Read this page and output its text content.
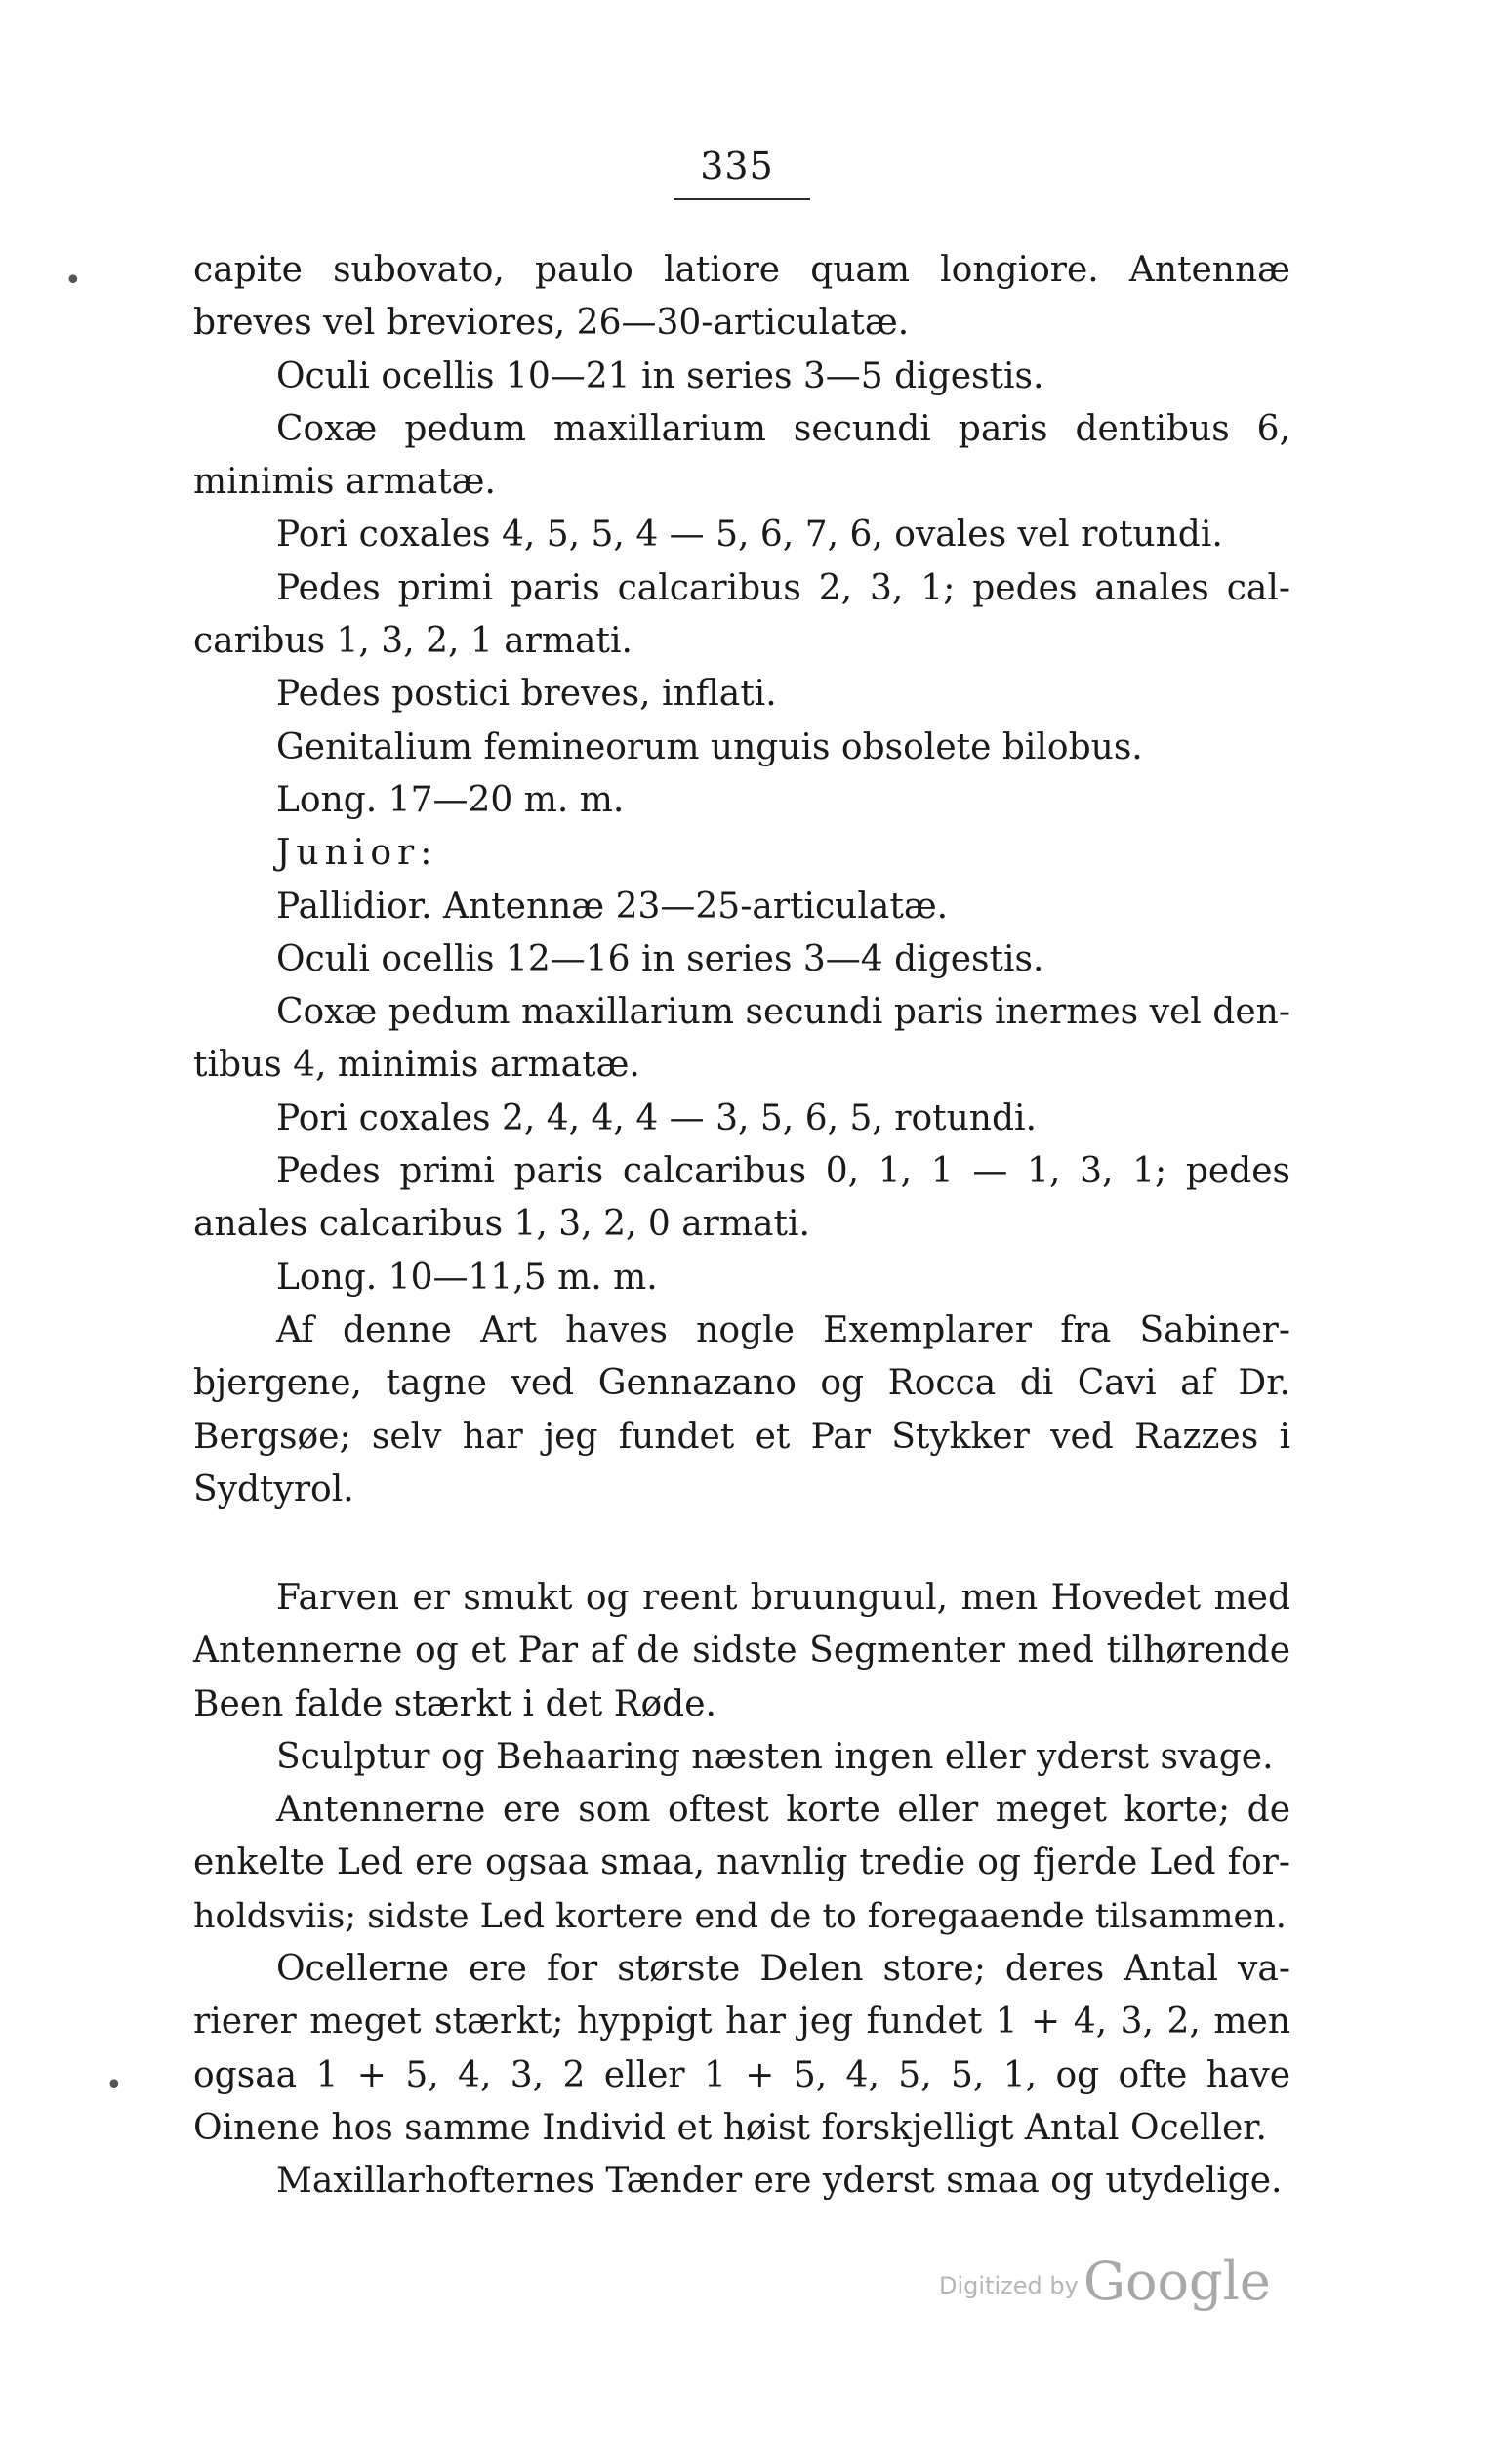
335
•
•
capite subovato, paulo latiore quam longiore. Antennæ
breves vel breviores, 26—30-articulatæ.
Oculi ocellis 10—21 in series 3—5 digestis.
Coxæ pedum maxillarium secundi paris dentibus 6,
minimis armatæ.
Pori coxales 4, 5, 5, 4 — 5, 6, 7, 6, ovales vel rotundi.
Pedes primi paris calcaribus 2, 3, 1; pedes anales cal-
caribus 1, 3, 2, 1 armati.
Pedes postici breves, inflati.
Genitalium femineorum unguis obsolete bilobus.
Long. 17—20 m. m.
Junior:
Pallidior. Antennæ 23—25-articulatæ.
Oculi ocellis 12—16 in series 3—4 digestis.
Coxæ pedum maxillarium secundi paris inermes vel den-
tibus 4, minimis armatæ.
Pori coxales 2, 4, 4, 4 — 3, 5, 6, 5, rotundi.
Pedes primi paris calcaribus 0, 1, 1 — 1, 3, 1; pedes
anales calcaribus 1, 3, 2, 0 armati.
Long. 10—11,5 m. m.
Af denne Art haves nogle Exemplarer fra Sabiner-
bjergene, tagne ved Gennazano og Rocca di Cavi af Dr.
Bergsøe; selv har jeg fundet et Par Stykker ved Razzes i
Sydtyrol.
Farven er smukt og reent bruunguul, men Hovedet med
Antennerne og et Par af de sidste Segmenter med tilhørende
Been falde stærkt i det Røde.
Sculptur og Behaaring næsten ingen eller yderst svage.
Antennerne ere som oftest korte eller meget korte; de
enkelte Led ere ogsaa smaa, navnlig tredie og fjerde Led for-
holdsviis; sidste Led kortere end de to foregaaende tilsammen.
Ocellerne ere for største Delen store; deres Antal va-
rierer meget stærkt; hyppigt har jeg fundet 1 + 4, 3, 2, men
ogsaa 1 + 5, 4, 3, 2 eller 1 + 5, 4, 5, 5, 1, og ofte have
Oinene hos samme Individ et høist forskjelligt Antal Oceller.
Maxillarhofternes Tænder ere yderst smaa og utydelige.
Digitized by Google
